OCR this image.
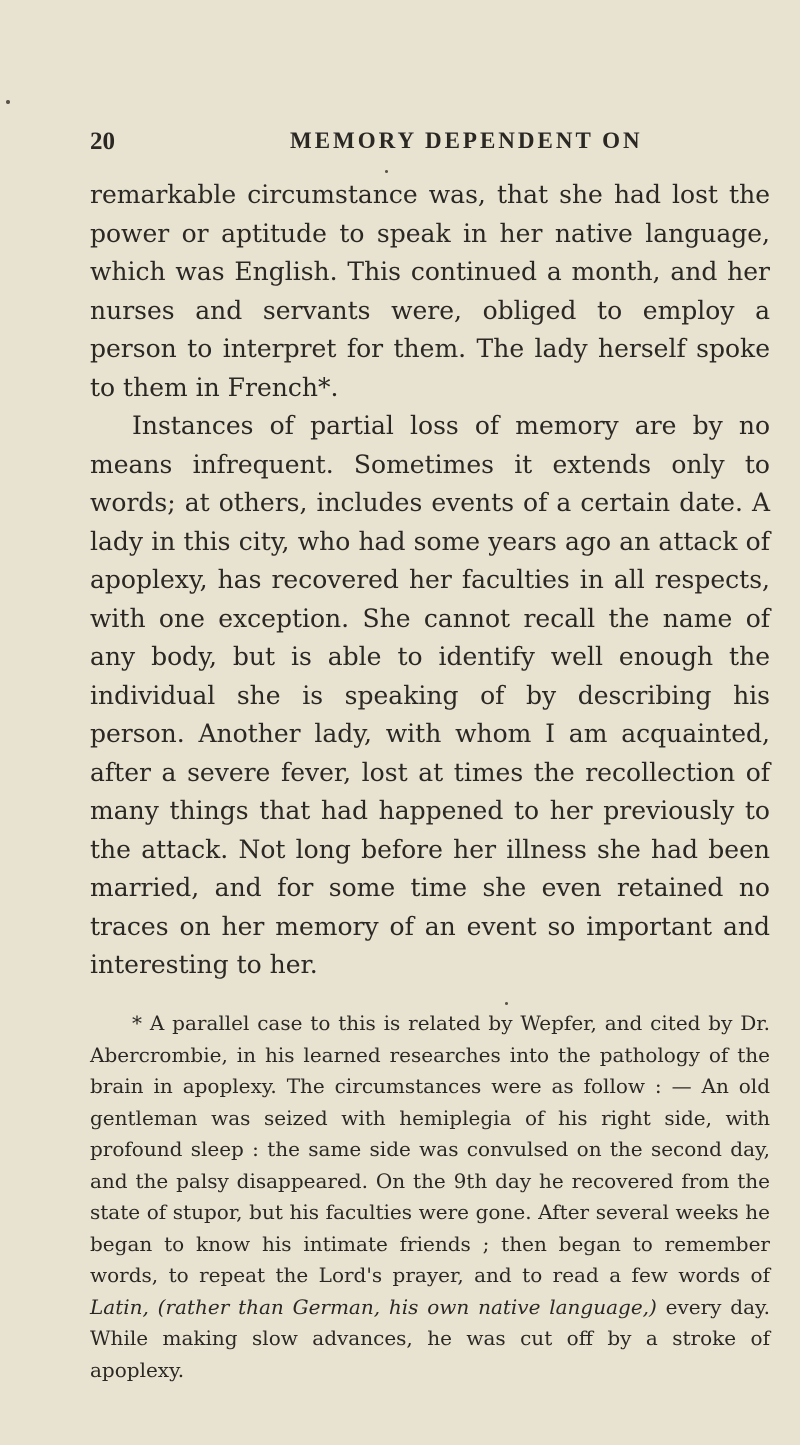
20	MEMORY DEPENDENT ON

remarkable circumstance was, that she had lost the power or aptitude to speak in her native language, which was English. This continued a month, and her nurses and servants were, obliged to employ a person to interpret for them. The lady herself spoke to them in French*.

Instances of partial loss of memory are by no means infrequent. Sometimes it extends only to words; at others, includes events of a certain date. A lady in this city, who had some years ago an attack of apoplexy, has recovered her faculties in all respects, with one exception. She cannot recall the name of any body, but is able to identify well enough the individual she is speaking of by describing his person. Another lady, with whom I am acquainted, after a severe fever, lost at times the recollection of many things that had happened to her previously to the attack. Not long before her illness she had been married, and for some time she even retained no traces on her memory of an event so important and interesting to her.

* A parallel case to this is related by Wepfer, and cited by Dr. Abercrombie, in his learned researches into the pathology of the brain in apoplexy. The circumstances were as follow : — An old gentleman was seized with hemiplegia of his right side, with profound sleep : the same side was convulsed on the second day, and the palsy disappeared. On the 9th day he recovered from the state of stupor, but his faculties were gone. After several weeks he began to know his intimate friends ; then began to remember words, to repeat the Lord's prayer, and to read a few words of Latin, (rather than German, his own native language,) every day. While making slow advances, he was cut off by a stroke of apoplexy.
